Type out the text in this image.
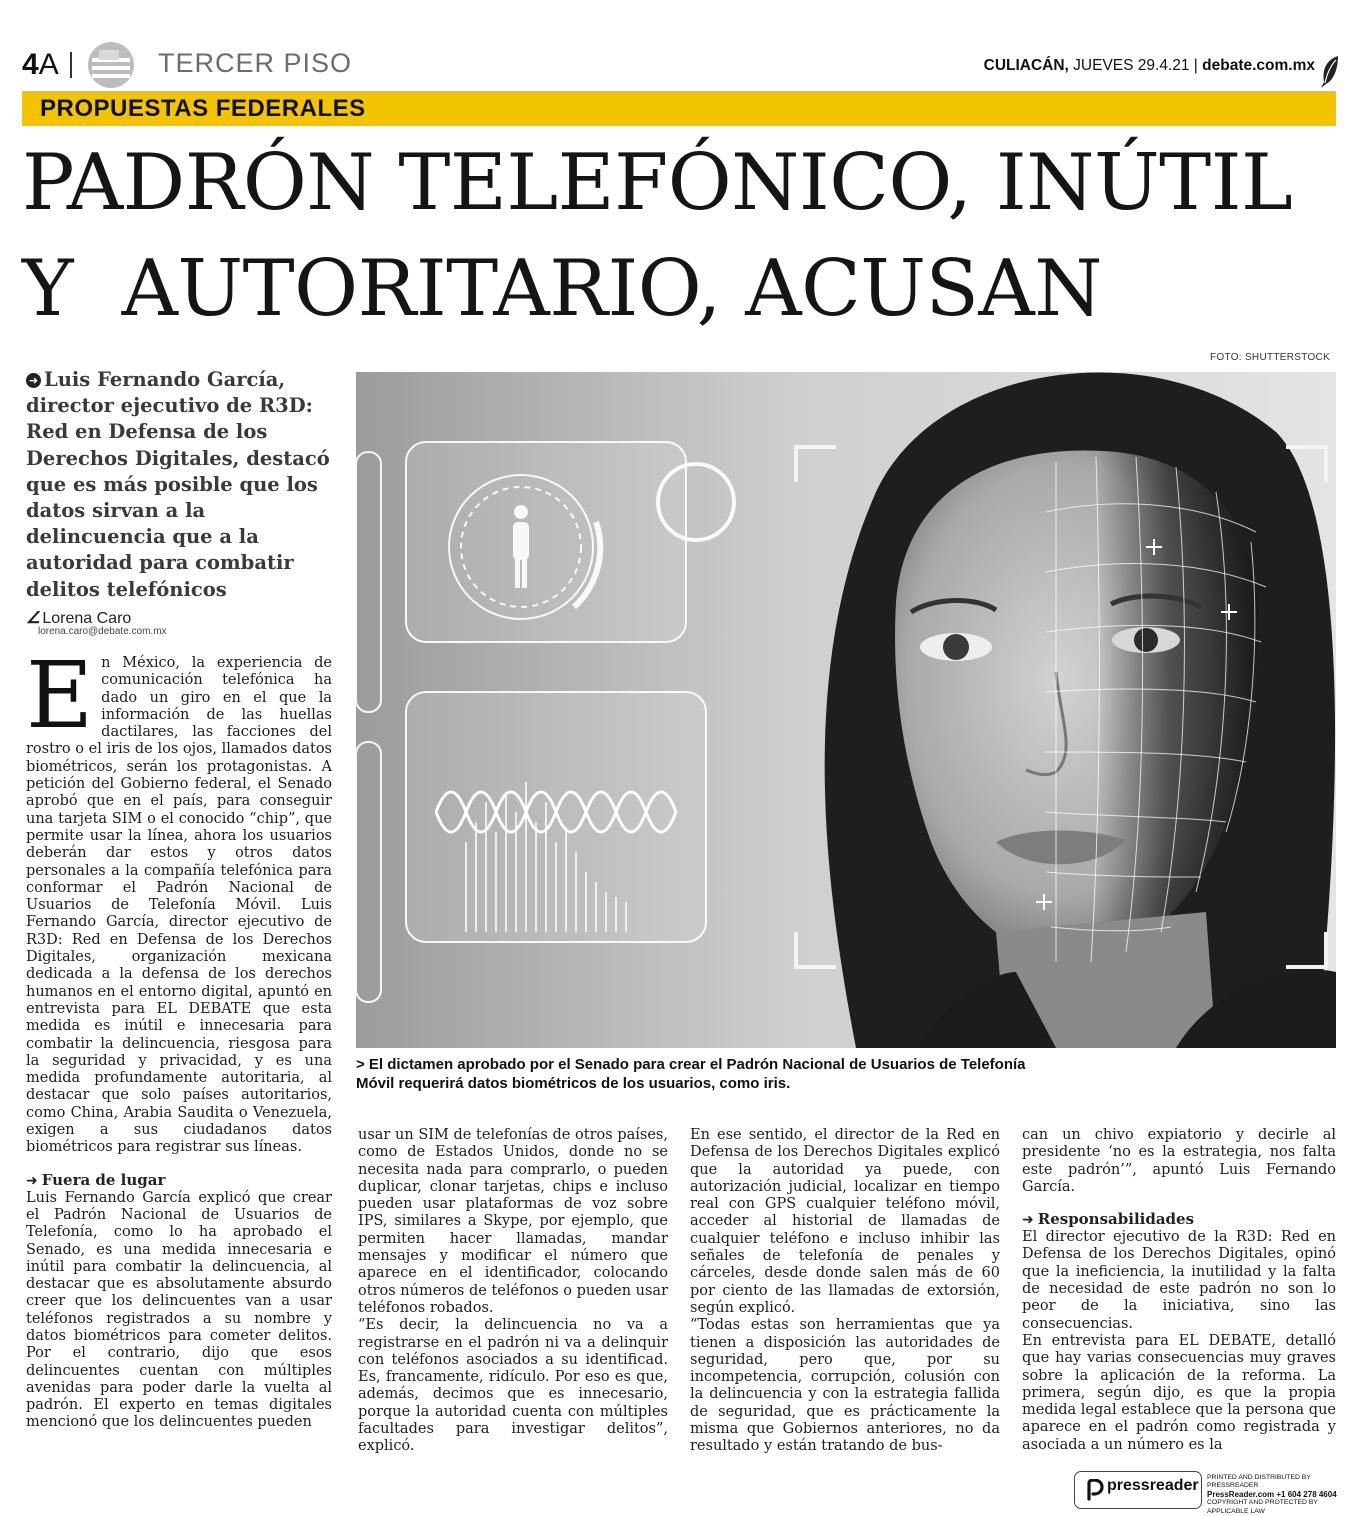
4A	TERCER PISO	CULIACÁN, JUEVES 29.4.21 | debate.com.mx
PROPUESTAS FEDERALES
PADRÓN TELEFÓNICO, INÚTIL
Y  AUTORITARIO, ACUSAN
FOTO: SHUTTERSTOCK
➜ Luis Fernando García, director ejecutivo de R3D: Red en Defensa de los Derechos Digitales, destacó que es más posible que los datos sirvan a la delincuencia que a la autoridad para combatir delitos telefónicos
∠ Lorena Caro
lorena.caro@debate.com.mx
> El dictamen aprobado por el Senado para crear el Padrón Nacional de Usuarios de Telefonía Móvil requerirá datos biométricos de los usuarios, como iris.

En México, la experiencia de comunicación telefónica ha dado un giro en el que la información de las huellas dactilares, las facciones del rostro o el iris de los ojos, llamados datos biométricos, serán los protagonistas. A petición del Gobierno federal, el Senado aprobó que en el país, para conseguir una tarjeta SIM o el conocido “chip”, que permite usar la línea, ahora los usuarios deberán dar estos y otros datos personales a la compañía telefónica para conformar el Padrón Nacional de Usuarios de Telefonía Móvil. Luis Fernando García, director ejecutivo de R3D: Red en Defensa de los Derechos Digitales, organización mexicana dedicada a la defensa de los derechos humanos en el entorno digital, apuntó en entrevista para EL DEBATE que esta medida es inútil e innecesaria para combatir la delincuencia, riesgosa para la seguridad y privacidad, y es una medida profundamente autoritaria, al destacar que solo países autoritarios, como China, Arabia Saudita o Venezuela, exigen a sus ciudadanos datos biométricos para registrar sus líneas.

➜ Fuera de lugar

Luis Fernando García explicó que crear el Padrón Nacional de Usuarios de Telefonía, como lo ha aprobado el Senado, es una medida innecesaria e inútil para combatir la delincuencia, al destacar que es absolutamente absurdo creer que los delincuentes van a usar teléfonos registrados a su nombre y datos biométricos para cometer delitos. Por el contrario, dijo que esos delincuentes cuentan con múltiples avenidas para poder darle la vuelta al padrón. El experto en temas digitales mencionó que los delincuentes pueden

usar un SIM de telefonías de otros países, como de Estados Unidos, donde no se necesita nada para comprarlo, o pueden duplicar, clonar tarjetas, chips e incluso pueden usar plataformas de voz sobre IPS, similares a Skype, por ejemplo, que permiten hacer llamadas, mandar mensajes y modificar el número que aparece en el identificador, colocando otros números de teléfonos o pueden usar teléfonos robados.

“Es decir, la delincuencia no va a registrarse en el padrón ni va a delinquir con teléfonos asociados a su identificad. Es, francamente, ridículo. Por eso es que, además, decimos que es innecesario, porque la autoridad cuenta con múltiples facultades para investigar delitos”, explicó.

En ese sentido, el director de la Red en Defensa de los Derechos Digitales explicó que la autoridad ya puede, con autorización judicial, localizar en tiempo real con GPS cualquier teléfono móvil, acceder al historial de llamadas de cualquier teléfono e incluso inhibir las señales de telefonía de penales y cárceles, desde donde salen más de 60 por ciento de las llamadas de extorsión, según explicó.

“Todas estas son herramientas que ya tienen a disposición las autoridades de seguridad, pero que, por su incompetencia, corrupción, colusión con la delincuencia y con la estrategia fallida de seguridad, que es prácticamente la misma que Gobiernos anteriores, no da resultado y están tratando de bus-

can un chivo expiatorio y decirle al presidente ‘no es la estrategia, nos falta este padrón’”, apuntó Luis Fernando García.

➜ Responsabilidades

El director ejecutivo de la R3D: Red en Defensa de los Derechos Digitales, opinó que la ineficiencia, la inutilidad y la falta de necesidad de este padrón no son lo peor de la iniciativa, sino las consecuencias.

En entrevista para EL DEBATE, detalló que hay varias consecuencias muy graves sobre la aplicación de la reforma. La primera, según dijo, es que la propia medida legal establece que la persona que aparece en el padrón como registrada y asociada a un número es la

pressreader PRINTED AND DISTRIBUTED BY PRESSREADER
PressReader.com +1 604 278 4604
COPYRIGHT AND PROTECTED BY APPLICABLE LAW
